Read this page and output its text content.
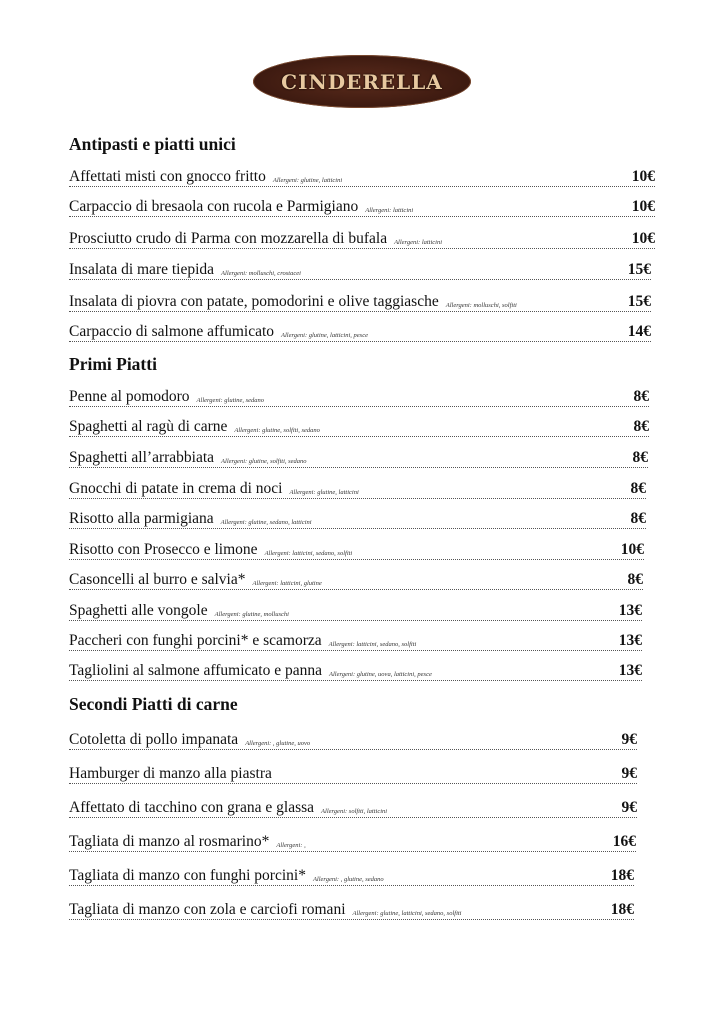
CINDERELLA
Antipasti e piatti unici
Affettati misti con gnocco fritto Allergeni: glutine, latticini	10€
Carpaccio di bresaola con rucola e Parmigiano Allergeni: latticini	10€
Prosciutto crudo di Parma con mozzarella di bufala Allergeni: latticini	10€
Insalata di mare tiepida Allergeni: molluschi, crostacei	15€
Insalata di piovra con patate, pomodorini e olive taggiasche Allergeni: molluschi, solfiti	15€
Carpaccio di salmone affumicato Allergeni: glutine, latticini, pesce	14€
Primi Piatti
Penne al pomodoro Allergeni: glutine, sedano	8€
Spaghetti al ragù di carne Allergeni: glutine, solfiti, sedano	8€
Spaghetti all’arrabbiata Allergeni: glutine, solfiti, sedano	8€
Gnocchi di patate in crema di noci Allergeni: glutine, latticini	8€
Risotto alla parmigiana Allergeni: glutine, sedano, latticini	8€
Risotto con Prosecco e limone Allergeni: latticini, sedano, solfiti	10€
Casoncelli al burro e salvia* Allergeni: latticini, glutine	8€
Spaghetti alle vongole Allergeni: glutine, molluschi	13€
Paccheri con funghi porcini* e scamorza Allergeni: latticini, sedano, solfiti	13€
Tagliolini al salmone affumicato e panna Allergeni: glutine, uova, latticini, pesce	13€
Secondi Piatti di carne
Cotoletta di pollo impanata Allergeni: , glutine, uovo	9€
Hamburger di manzo alla piastra	9€
Affettato di tacchino con grana e glassa Allergeni: solfiti, latticini	9€
Tagliata di manzo al rosmarino* Allergeni: ,	16€
Tagliata di manzo con funghi porcini* Allergeni: , glutine, sedano	18€
Tagliata di manzo con zola e carciofi romani Allergeni: glutine, latticini, sedano, solfiti	18€
